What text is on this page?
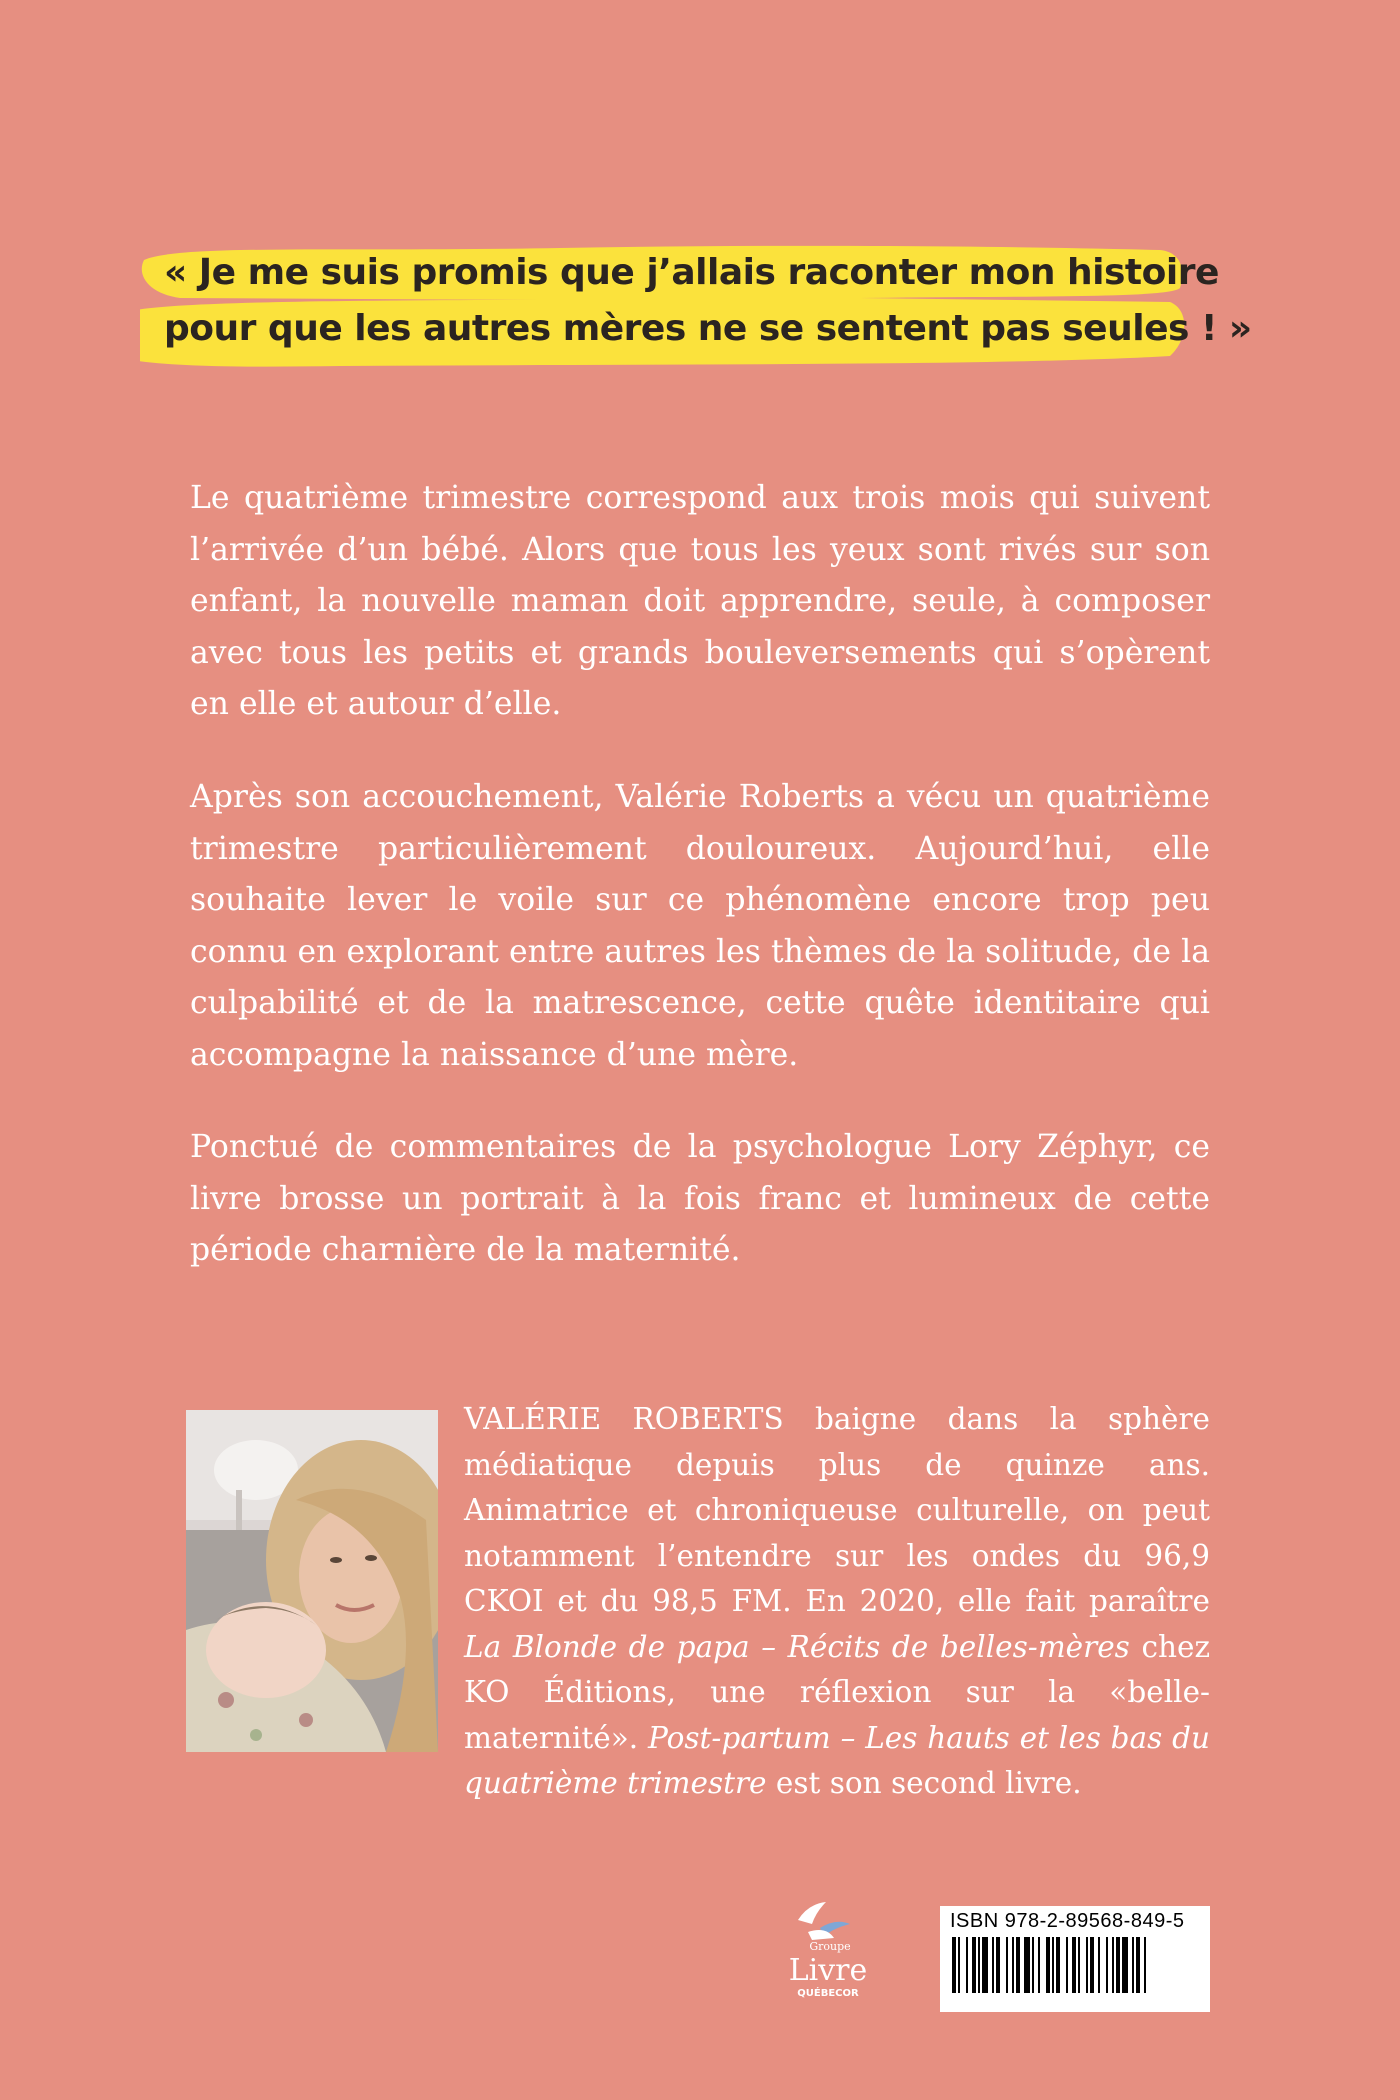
« Je me suis promis que j’allais raconter mon histoire
pour que les autres mères ne se sentent pas seules ! »
Le quatrième trimestre correspond aux trois mois qui suivent l’arrivée d’un bébé. Alors que tous les yeux sont rivés sur son enfant, la nouvelle maman doit apprendre, seule, à composer avec tous les petits et grands bouleversements qui s’opèrent en elle et autour d’elle.
Après son accouchement, Valérie Roberts a vécu un quatrième trimestre particulièrement douloureux. Aujourd’hui, elle souhaite lever le voile sur ce phénomène encore trop peu connu en explorant entre autres les thèmes de la solitude, de la culpabilité et de la matrescence, cette quête identitaire qui accompagne la naissance d’une mère.
Ponctué de commentaires de la psychologue Lory Zéphyr, ce livre brosse un portrait à la fois franc et lumineux de cette période charnière de la maternité.
VALÉRIE ROBERTS baigne dans la sphère médiatique depuis plus de quinze ans. Animatrice et chroniqueuse culturelle, on peut notamment l’entendre sur les ondes du 96,9 CKOI et du 98,5 FM. En 2020, elle fait paraître La Blonde de papa – Récits de belles-mères chez KO Éditions, une réflexion sur la «belle-maternité». Post-partum – Les hauts et les bas du quatrième trimestre est son second livre.
Groupe
Livre
QUÉBECOR
ISBN 978-2-89568-849-5
